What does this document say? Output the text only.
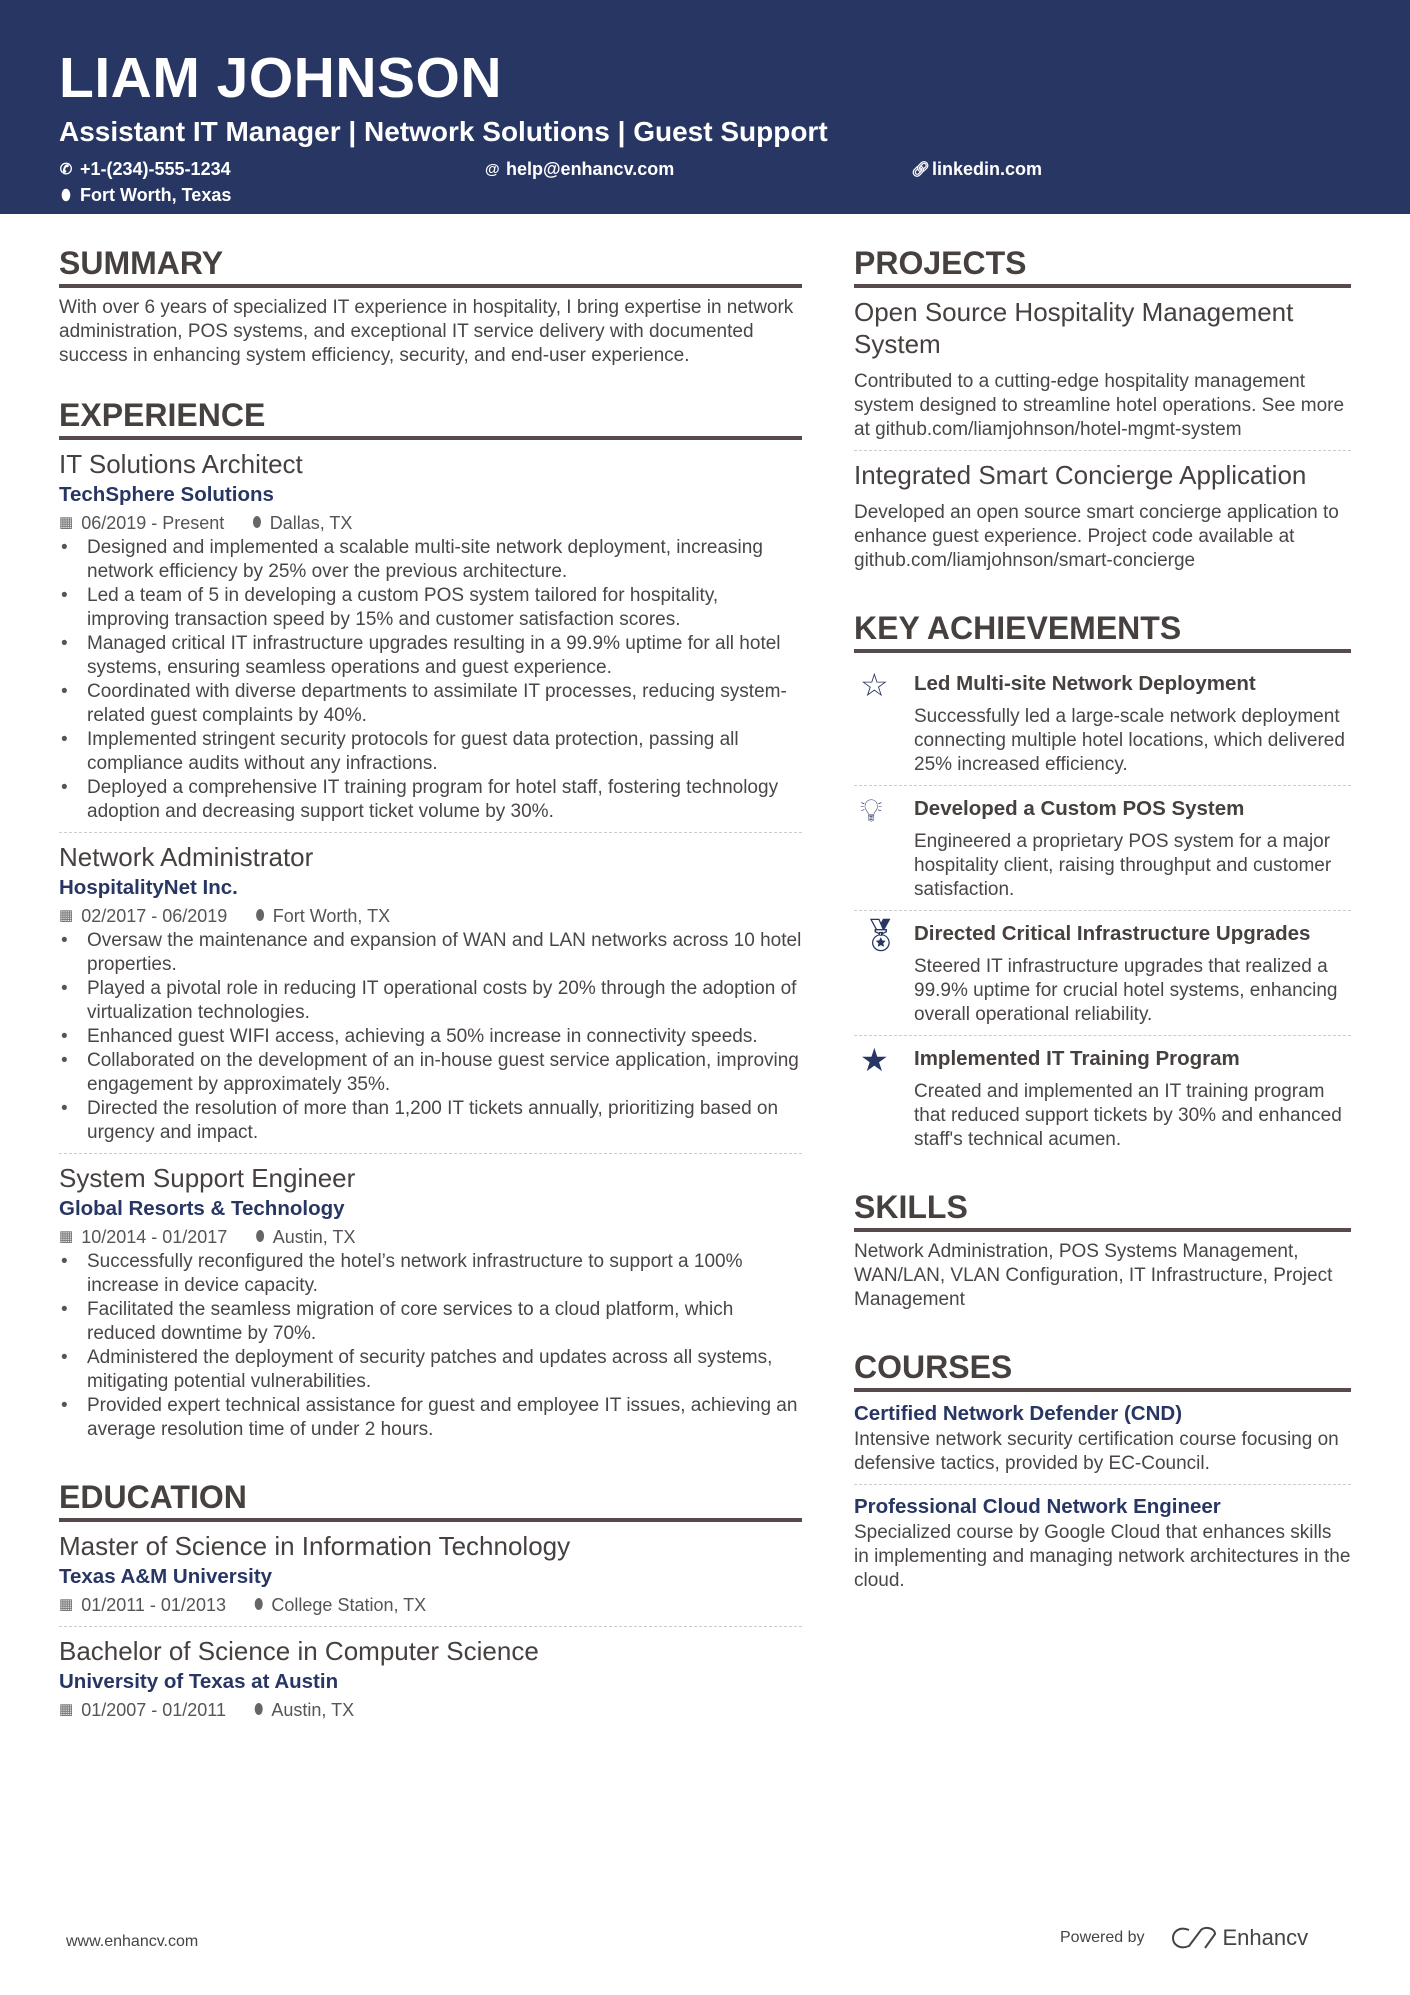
LIAM JOHNSON
Assistant IT Manager | Network Solutions | Guest Support
✆ +1-(234)-555-1234	@ help@enhancv.com	🔗︎ linkedin.com
⬮ Fort Worth, Texas
SUMMARY
With over 6 years of specialized IT experience in hospitality, I bring expertise in network administration, POS systems, and exceptional IT service delivery with documented success in enhancing system efficiency, security, and end-user experience.
EXPERIENCE
IT Solutions Architect
TechSphere Solutions
▦ 06/2019 - Present ⬮ Dallas, TX
• Designed and implemented a scalable multi-site network deployment, increasing network efficiency by 25% over the previous architecture.
• Led a team of 5 in developing a custom POS system tailored for hospitality, improving transaction speed by 15% and customer satisfaction scores.
• Managed critical IT infrastructure upgrades resulting in a 99.9% uptime for all hotel systems, ensuring seamless operations and guest experience.
• Coordinated with diverse departments to assimilate IT processes, reducing system-related guest complaints by 40%.
• Implemented stringent security protocols for guest data protection, passing all compliance audits without any infractions.
• Deployed a comprehensive IT training program for hotel staff, fostering technology adoption and decreasing support ticket volume by 30%.
Network Administrator
HospitalityNet Inc.
▦ 02/2017 - 06/2019 ⬮ Fort Worth, TX
• Oversaw the maintenance and expansion of WAN and LAN networks across 10 hotel properties.
• Played a pivotal role in reducing IT operational costs by 20% through the adoption of virtualization technologies.
• Enhanced guest WIFI access, achieving a 50% increase in connectivity speeds.
• Collaborated on the development of an in-house guest service application, improving engagement by approximately 35%.
• Directed the resolution of more than 1,200 IT tickets annually, prioritizing based on urgency and impact.
System Support Engineer
Global Resorts & Technology
▦ 10/2014 - 01/2017 ⬮ Austin, TX
• Successfully reconfigured the hotel’s network infrastructure to support a 100% increase in device capacity.
• Facilitated the seamless migration of core services to a cloud platform, which reduced downtime by 70%.
• Administered the deployment of security patches and updates across all systems, mitigating potential vulnerabilities.
• Provided expert technical assistance for guest and employee IT issues, achieving an average resolution time of under 2 hours.
EDUCATION
Master of Science in Information Technology
Texas A&M University
▦ 01/2011 - 01/2013 ⬮ College Station, TX
Bachelor of Science in Computer Science
University of Texas at Austin
▦ 01/2007 - 01/2011 ⬮ Austin, TX
PROJECTS
Open Source Hospitality Management System
Contributed to a cutting-edge hospitality management system designed to streamline hotel operations. See more at github.com/liamjohnson/hotel-mgmt-system
Integrated Smart Concierge Application
Developed an open source smart concierge application to enhance guest experience. Project code available at github.com/liamjohnson/smart-concierge
KEY ACHIEVEMENTS
☆	Led Multi-site Network Deployment
Successfully led a large-scale network deployment connecting multiple hotel locations, which delivered 25% increased efficiency.
💡︎	Developed a Custom POS System
Engineered a proprietary POS system for a major hospitality client, raising throughput and customer satisfaction.
🏅︎ Directed Critical Infrastructure Upgrades
Steered IT infrastructure upgrades that realized a 99.9% uptime for crucial hotel systems, enhancing overall operational reliability.
★	Implemented IT Training Program
Created and implemented an IT training program that reduced support tickets by 30% and enhanced staff's technical acumen.
SKILLS
Network Administration, POS Systems Management, WAN/LAN, VLAN Configuration, IT Infrastructure, Project Management
COURSES
Certified Network Defender (CND)
Intensive network security certification course focusing on defensive tactics, provided by EC-Council.
Professional Cloud Network Engineer
Specialized course by Google Cloud that enhances skills in implementing and managing network architectures in the cloud.
www.enhancv.com	Powered by	Enhancv
